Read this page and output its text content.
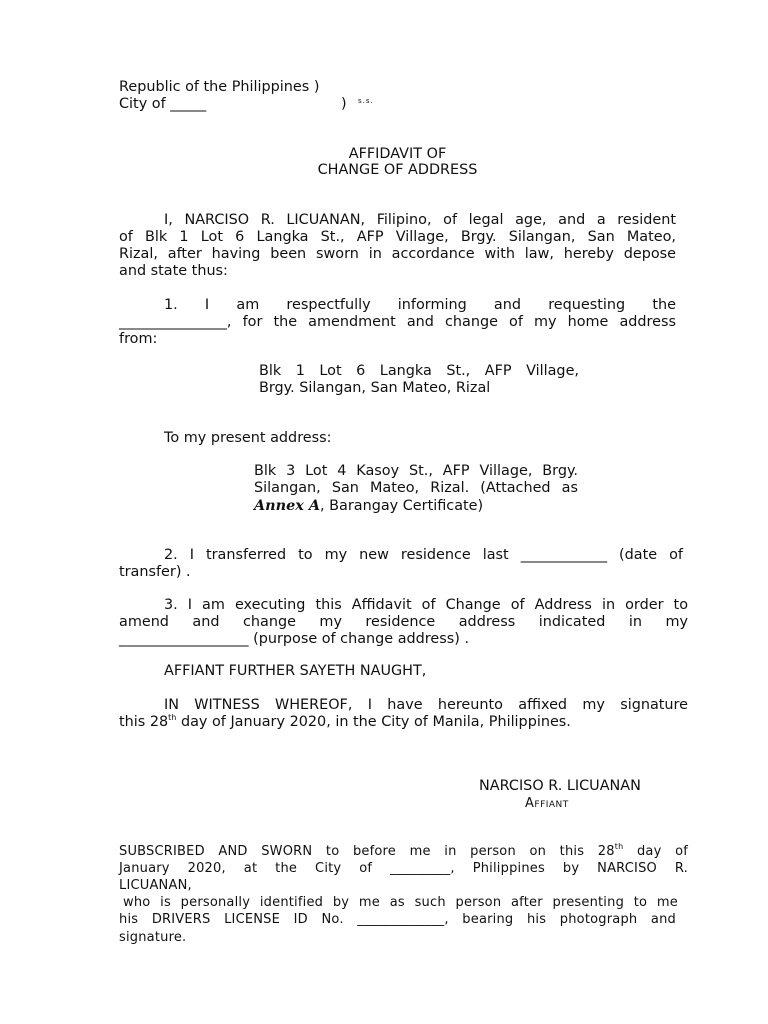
Republic of the Philippines )
City of _____	) s.s.
AFFIDAVIT OF
CHANGE OF ADDRESS
I, NARCISO R. LICUANAN, Filipino, of legal age, and a resident
of Blk 1 Lot 6 Langka St., AFP Village, Brgy. Silangan, San Mateo,
Rizal, after having been sworn in accordance with law, hereby depose
and state thus:
1. I am respectfully informing and requesting the
_______________, for the amendment and change of my home address
from:
Blk 1 Lot 6 Langka St., AFP Village,
Brgy. Silangan, San Mateo, Rizal
To my present address:
Blk 3 Lot 4 Kasoy St., AFP Village, Brgy.
Silangan, San Mateo, Rizal. (Attached as
Annex A, Barangay Certificate)
2. I transferred to my new residence last ____________ (date of
transfer) .
3. I am executing this Affidavit of Change of Address in order to
amend and change my residence address indicated in my
__________________ (purpose of change address) .
AFFIANT FURTHER SAYETH NAUGHT,
IN WITNESS WHEREOF, I have hereunto affixed my signature
this 28th day of January 2020, in the City of Manila, Philippines.
NARCISO R. LICUANAN
Affiant
SUBSCRIBED AND SWORN to before me in person on this 28th day of
January 2020, at the City of _________, Philippines by NARCISO R.
LICUANAN,
who is personally identified by me as such person after presenting to me
his DRIVERS LICENSE ID No. _____________, bearing his photograph and
signature.
